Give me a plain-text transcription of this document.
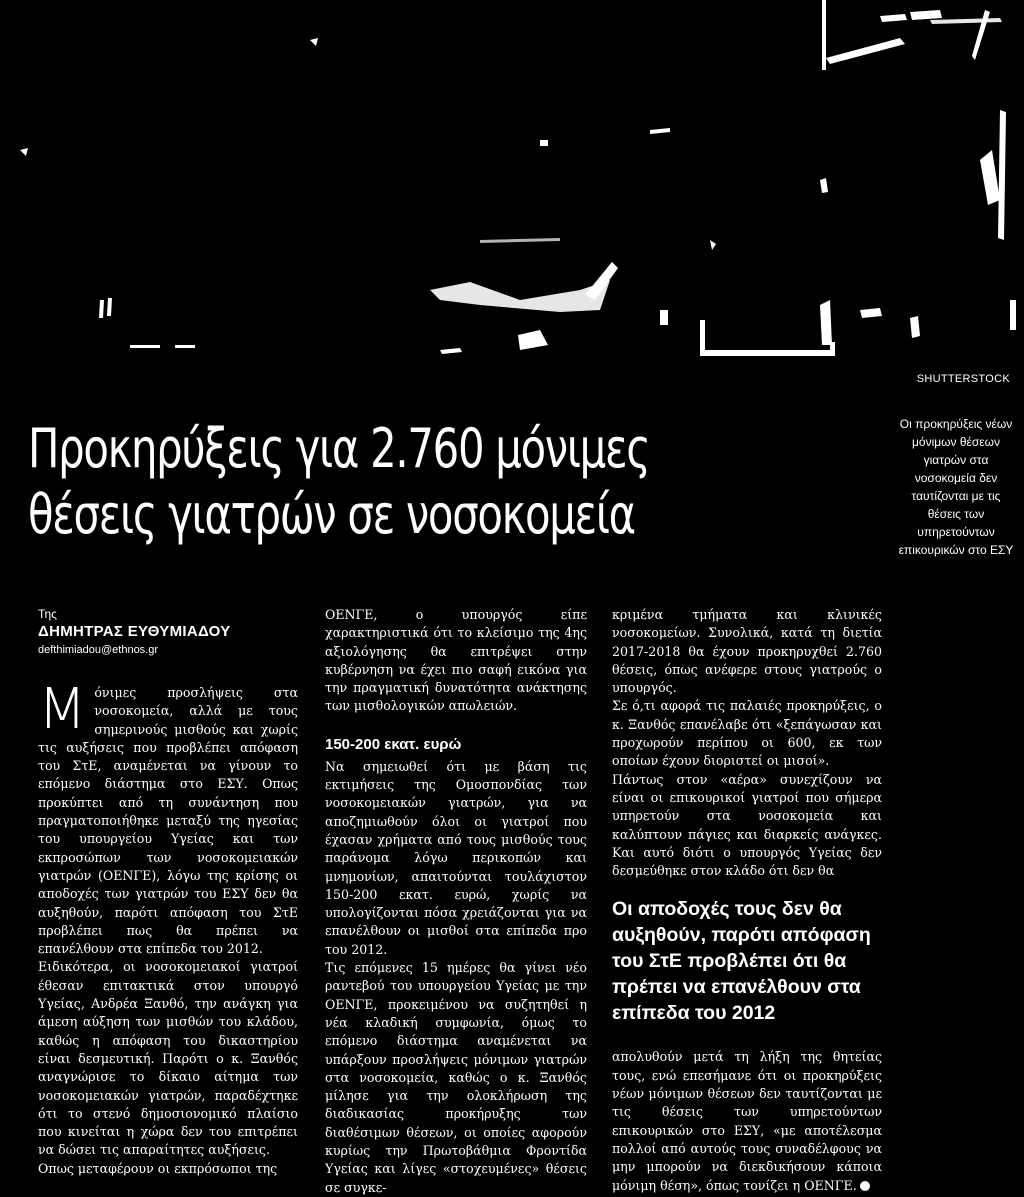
SHUTTERSTOCK
Προκηρύξεις για 2.760 μόνιμες
θέσεις γιατρών σε νοσοκομεία
Οι προκηρύξεις νέων μόνιμων θέσεων γιατρών στα νοσοκομεία δεν ταυτίζονται με τις θέσεις των υπηρετούντων επικουρικών στο ΕΣΥ
Της
ΔΗΜΗΤΡΑΣ ΕΥΘΥΜΙΑΔΟΥ
defthimiadou@ethnos.gr

Μόνιμες προσλήψεις στα νοσοκομεία, αλλά με τους σημερινούς μισθούς και χωρίς τις αυξήσεις που προβλέπει απόφαση του ΣτΕ, αναμένεται να γίνουν το επόμενο διάστημα στο ΕΣΥ. Οπως προκύπτει από τη συνάντηση που πραγματοποιήθηκε μεταξύ της ηγεσίας του υπουργείου Υγείας και των εκπροσώπων των νοσοκομειακών γιατρών (ΟΕΝΓΕ), λόγω της κρίσης οι αποδοχές των γιατρών του ΕΣΥ δεν θα αυξηθούν, παρότι απόφαση του ΣτΕ προβλέπει πως θα πρέπει να επανέλθουν στα επίπεδα του 2012.

Ειδικότερα, οι νοσοκομειακοί γιατροί έθεσαν επιτακτικά στον υπουργό Υγείας, Ανδρέα Ξανθό, την ανάγκη για άμεση αύξηση των μισθών του κλάδου, καθώς η απόφαση του δικαστηρίου είναι δεσμευτική. Παρότι ο κ. Ξανθός αναγνώρισε το δίκαιο αίτημα των νοσοκομειακών γιατρών, παραδέχτηκε ότι το στενό δημοσιονομικό πλαίσιο που κινείται η χώρα δεν του επιτρέπει να δώσει τις απαραίτητες αυξήσεις.

Οπως μεταφέρουν οι εκπρόσωποι της

ΟΕΝΓΕ, ο υπουργός είπε χαρακτηριστικά ότι το κλείσιμο της 4ης αξιολόγησης θα επιτρέψει στην κυβέρνηση να έχει πιο σαφή εικόνα για την πραγματική δυνατότητα ανάκτησης των μισθολογικών απωλειών.

150-200 εκατ. ευρώ

Να σημειωθεί ότι με βάση τις εκτιμήσεις της Ομοσπονδίας των νοσοκομειακών γιατρών, για να αποζημιωθούν όλοι οι γιατροί που έχασαν χρήματα από τους μισθούς τους παράνομα λόγω περικοπών και μνημονίων, απαιτούνται τουλάχιστον 150-200 εκατ. ευρώ, χωρίς να υπολογίζονται πόσα χρειάζονται για να επανέλθουν οι μισθοί στα επίπεδα προ του 2012.

Τις επόμενες 15 ημέρες θα γίνει νέο ραντεβού του υπουργείου Υγείας με την ΟΕΝΓΕ, προκειμένου να συζητηθεί η νέα κλαδική συμφωνία, όμως το επόμενο διάστημα αναμένεται να υπάρξουν προσλήψεις μόνιμων γιατρών στα νοσοκομεία, καθώς ο κ. Ξανθός μίλησε για την ολοκλήρωση της διαδικασίας προκήρυξης των διαθέσιμων θέσεων, οι οποίες αφορούν κυρίως την Πρωτοβάθμια Φροντίδα Υγείας και λίγες «στοχευμένες» θέσεις σε συγκε-

κριμένα τμήματα και κλινικές νοσοκομείων. Συνολικά, κατά τη διετία 2017-2018 θα έχουν προκηρυχθεί 2.760 θέσεις, όπως ανέφερε στους γιατρούς ο υπουργός.

Σε ό,τι αφορά τις παλαιές προκηρύξεις, ο κ. Ξανθός επανέλαβε ότι «ξεπάγωσαν και προχωρούν περίπου οι 600, εκ των οποίων έχουν διοριστεί οι μισοί».

Πάντως στον «αέρα» συνεχίζουν να είναι οι επικουρικοί γιατροί που σήμερα υπηρετούν στα νοσοκομεία και καλύπτουν πάγιες και διαρκείς ανάγκες. Και αυτό διότι ο υπουργός Υγείας δεν δεσμεύθηκε στον κλάδο ότι δεν θα

Οι αποδοχές τους δεν θα αυξηθούν, παρότι απόφαση του ΣτΕ προβλέπει ότι θα πρέπει να επανέλθουν στα επίπεδα του 2012

απολυθούν μετά τη λήξη της θητείας τους, ενώ επεσήμανε ότι οι προκηρύξεις νέων μόνιμων θέσεων δεν ταυτίζονται με τις θέσεις των υπηρετούντων επικουρικών στο ΕΣΥ, «με αποτέλεσμα πολλοί από αυτούς τους συναδέλφους να μην μπορούν να διεκδικήσουν κάποια μόνιμη θέση», όπως τονίζει η ΟΕΝΓΕ.
